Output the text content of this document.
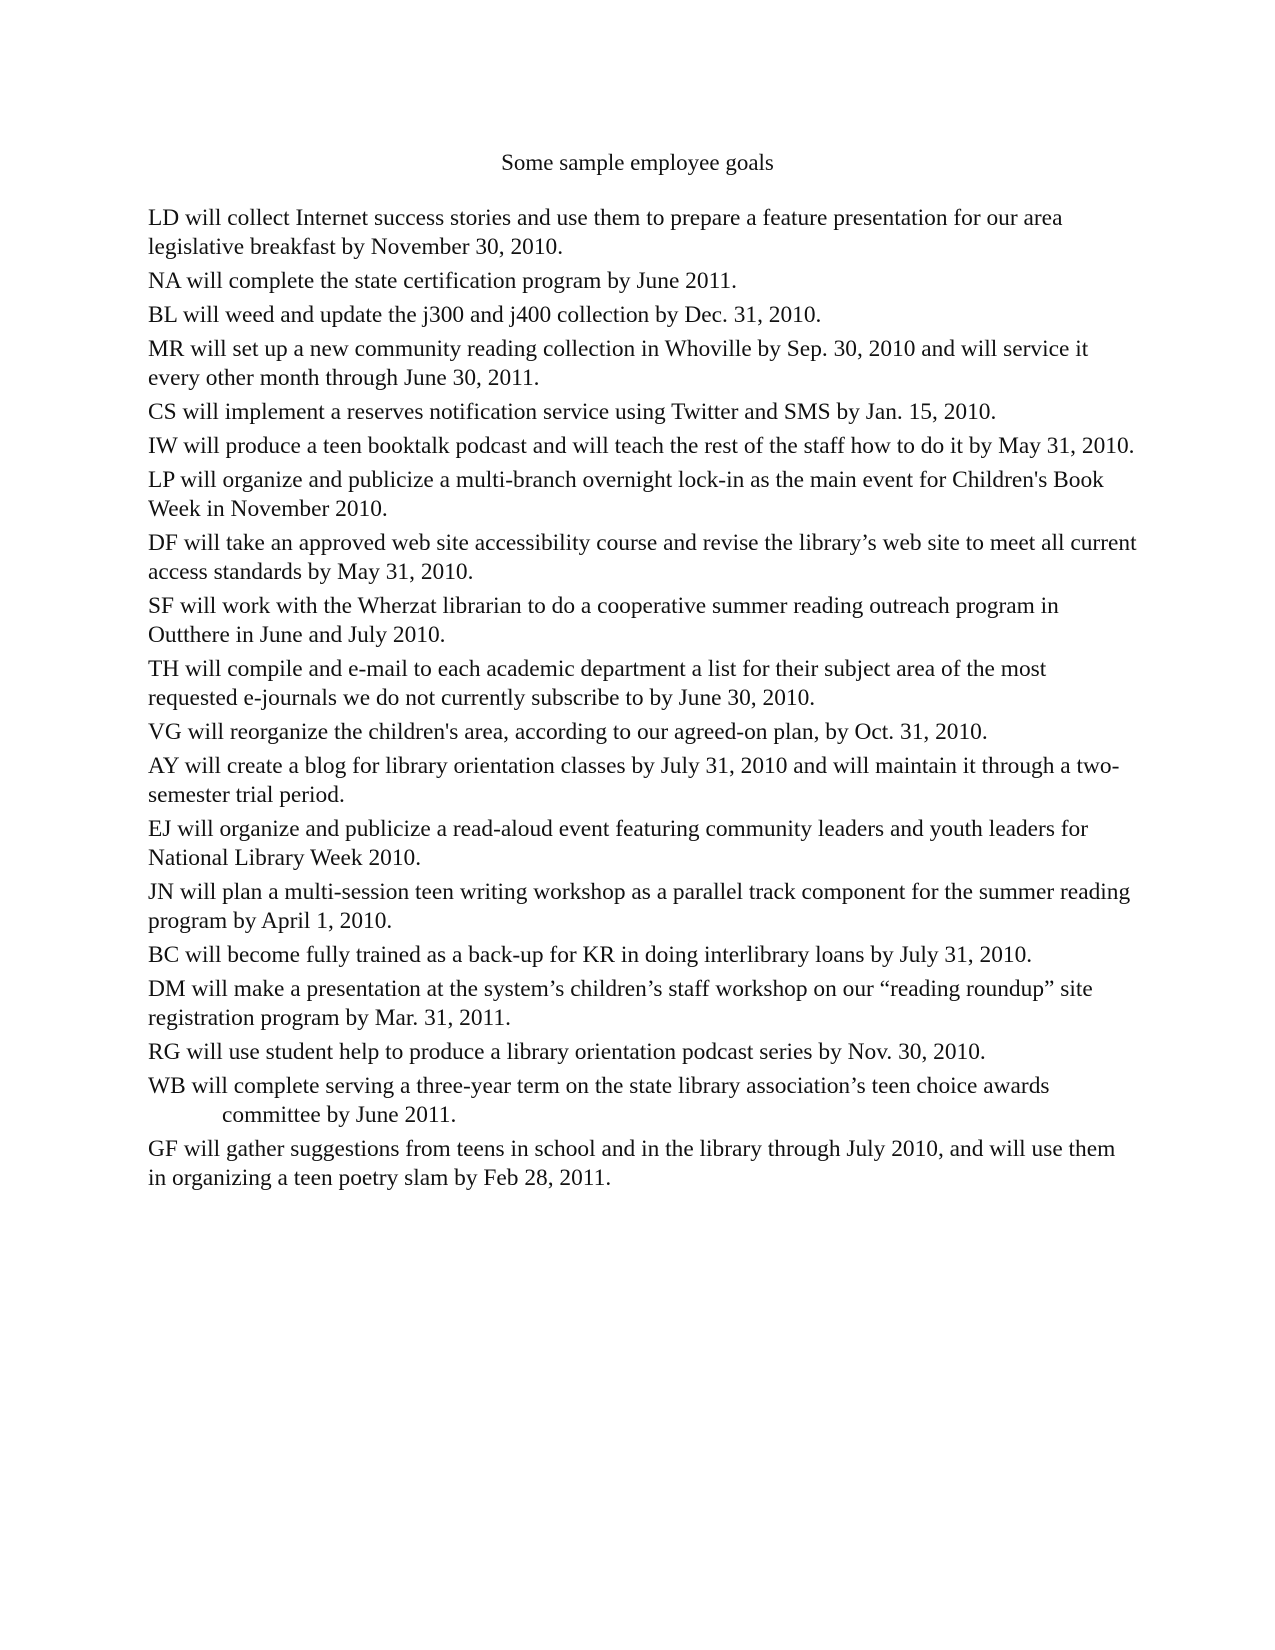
Some sample employee goals
LD will collect Internet success stories and use them to prepare a feature presentation for our area legislative breakfast by November 30, 2010.
NA will complete the state certification program by June 2011.
BL will weed and update the j300 and j400 collection by Dec. 31, 2010.
MR will set up a new community reading collection in Whoville by Sep. 30, 2010 and will service it every other month through June 30, 2011.
CS will implement a reserves notification service using Twitter and SMS by Jan. 15, 2010.
IW will produce a teen booktalk podcast and will teach the rest of the staff how to do it by May 31, 2010.
LP will organize and publicize a multi-branch overnight lock-in as the main event for Children's Book Week in November 2010.
DF will take an approved web site accessibility course and revise the library’s web site to meet all current access standards by May 31, 2010.
SF will work with the Wherzat librarian to do a cooperative summer reading outreach program in Outthere in June and July 2010.
TH will compile and e-mail to each academic department a list for their subject area of the most requested e-journals we do not currently subscribe to by June 30, 2010.
VG will reorganize the children's area, according to our agreed-on plan, by Oct. 31, 2010.
AY will create a blog for library orientation classes by July 31, 2010 and will maintain it through a two-semester trial period.
EJ will organize and publicize a read-aloud event featuring community leaders and youth leaders for National Library Week 2010.
JN will plan a multi-session teen writing workshop as a parallel track component for the summer reading program by April 1, 2010.
BC will become fully trained as a back-up for KR in doing interlibrary loans by July 31, 2010.
DM will make a presentation at the system’s children’s staff workshop on our “reading roundup” site registration program by Mar. 31, 2011.
RG will use student help to produce a library orientation podcast series by Nov. 30, 2010.
WB will complete serving a three-year term on the state library association’s teen choice awards committee by June 2011.
GF will gather suggestions from teens in school and in the library through July 2010, and will use them in organizing a teen poetry slam by Feb 28, 2011.
